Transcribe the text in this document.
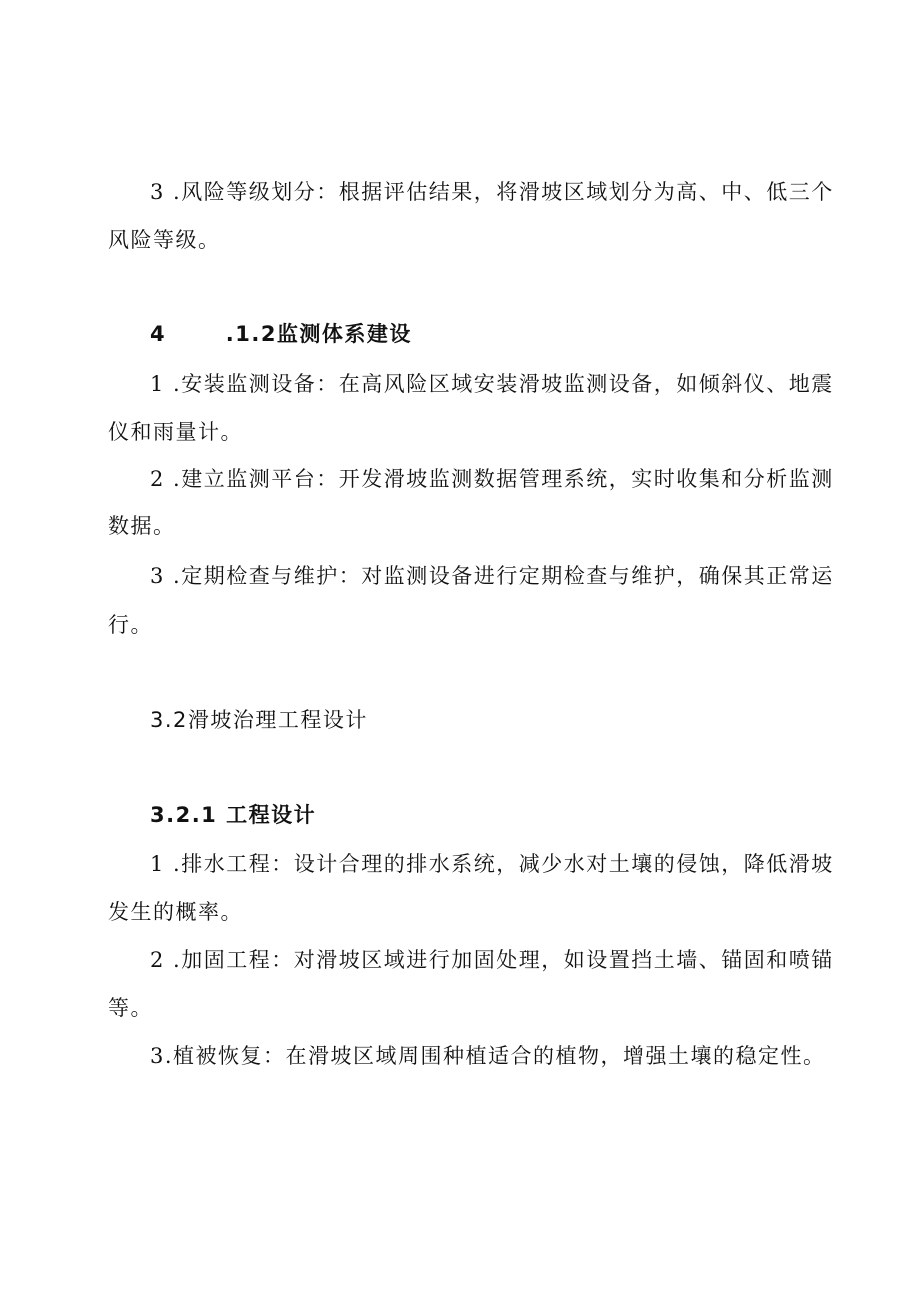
3 .风险等级划分：根据评估结果，将滑坡区域划分为高、中、低三个
风险等级。
4	.1.2监测体系建设
1 .安装监测设备：在高风险区域安装滑坡监测设备，如倾斜仪、地震
仪和雨量计。
2 .建立监测平台：开发滑坡监测数据管理系统，实时收集和分析监测
数据。
3 .定期检查与维护：对监测设备进行定期检查与维护，确保其正常运
行。
3.2滑坡治理工程设计
3.2.1 工程设计
1 .排水工程：设计合理的排水系统，减少水对土壤的侵蚀，降低滑坡
发生的概率。
2 .加固工程：对滑坡区域进行加固处理，如设置挡土墙、锚固和喷锚
等。
3.植被恢复：在滑坡区域周围种植适合的植物，增强土壤的稳定性。
